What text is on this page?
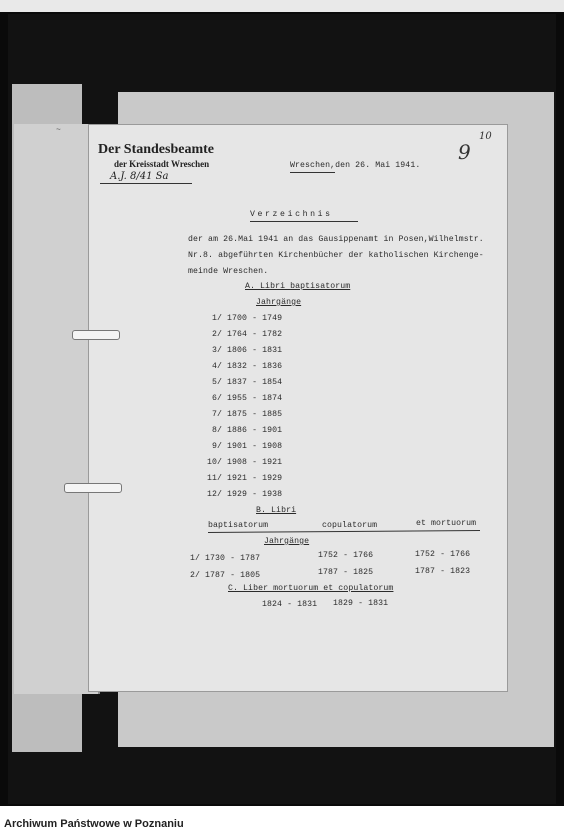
~
Der Standesbeamte
der Kreisstadt Wreschen
A.J. 8/41 Sa
Wreschen,den 26. Mai 1941.
9
10
Verzeichnis
der am 26.Mai 1941 an das Gausippenamt in Posen,Wilhelmstr.
Nr.8. abgeführten Kirchenbücher der katholischen Kirchenge-
meinde Wreschen.
A. Libri baptisatorum
Jahrgänge
1/ 1700 - 1749
2/ 1764 - 1782
3/ 1806 - 1831
4/ 1832 - 1836
5/ 1837 - 1854
6/ 1955 - 1874
7/ 1875 - 1885
8/ 1886 - 1901
9/ 1901 - 1908
10/ 1908 - 1921
11/ 1921 - 1929
12/ 1929 - 1938
B. Libri
baptisatorum	copulatorum	et mortuorum
Jahrgänge
1/ 1730 - 1787	1752 - 1766	1752 - 1766
2/ 1787 - 1805	1787 - 1825	1787 - 1823
C. Liber mortuorum et copulatorum
1824 - 1831 1829 - 1831
Archiwum Państwowe w Poznaniu
